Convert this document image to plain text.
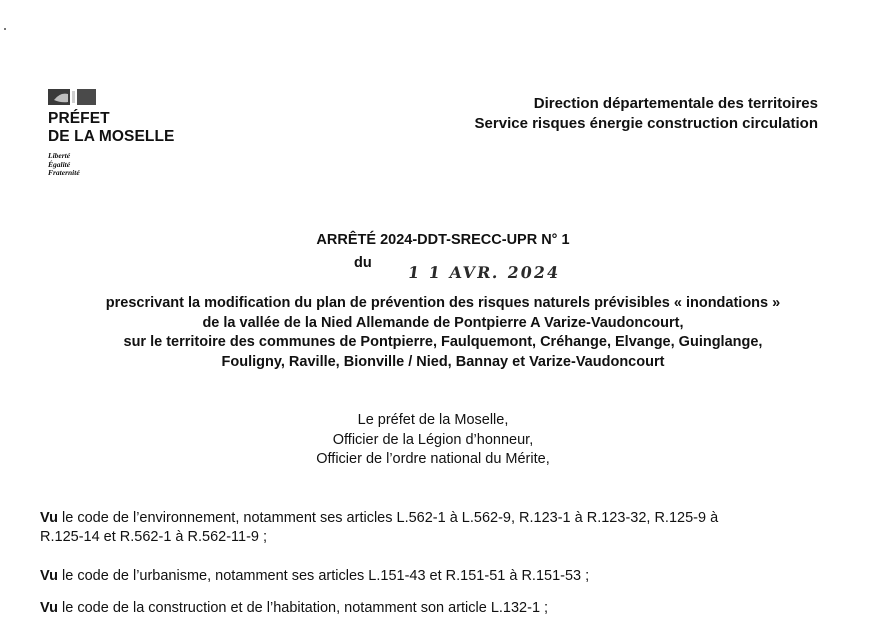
PRÉFET
DE LA MOSELLE
Liberté
Égalité
Fraternité
Direction départementale des territoires
Service risques énergie construction circulation
ARRÊTÉ 2024-DDT-SRECC-UPR N° 1
du 1 1 AVR. 2024
prescrivant la modification du plan de prévention des risques naturels prévisibles « inondations »
de la vallée de la Nied Allemande de Pontpierre A Varize-Vaudoncourt,
sur le territoire des communes de Pontpierre, Faulquemont, Créhange, Elvange, Guinglange,
Fouligny, Raville, Bionville / Nied, Bannay et Varize-Vaudoncourt
Le préfet de la Moselle,
Officier de la Légion d’honneur,
Officier de l’ordre national du Mérite,
Vu le code de l’environnement, notamment ses articles L.562-1 à L.562-9, R.123-1 à R.123-32, R.125-9 à
R.125-14 et R.562-1 à R.562-11-9 ;
Vu le code de l’urbanisme, notamment ses articles L.151-43 et R.151-51 à R.151-53 ;
Vu le code de la construction et de l’habitation, notamment son article L.132-1 ;
